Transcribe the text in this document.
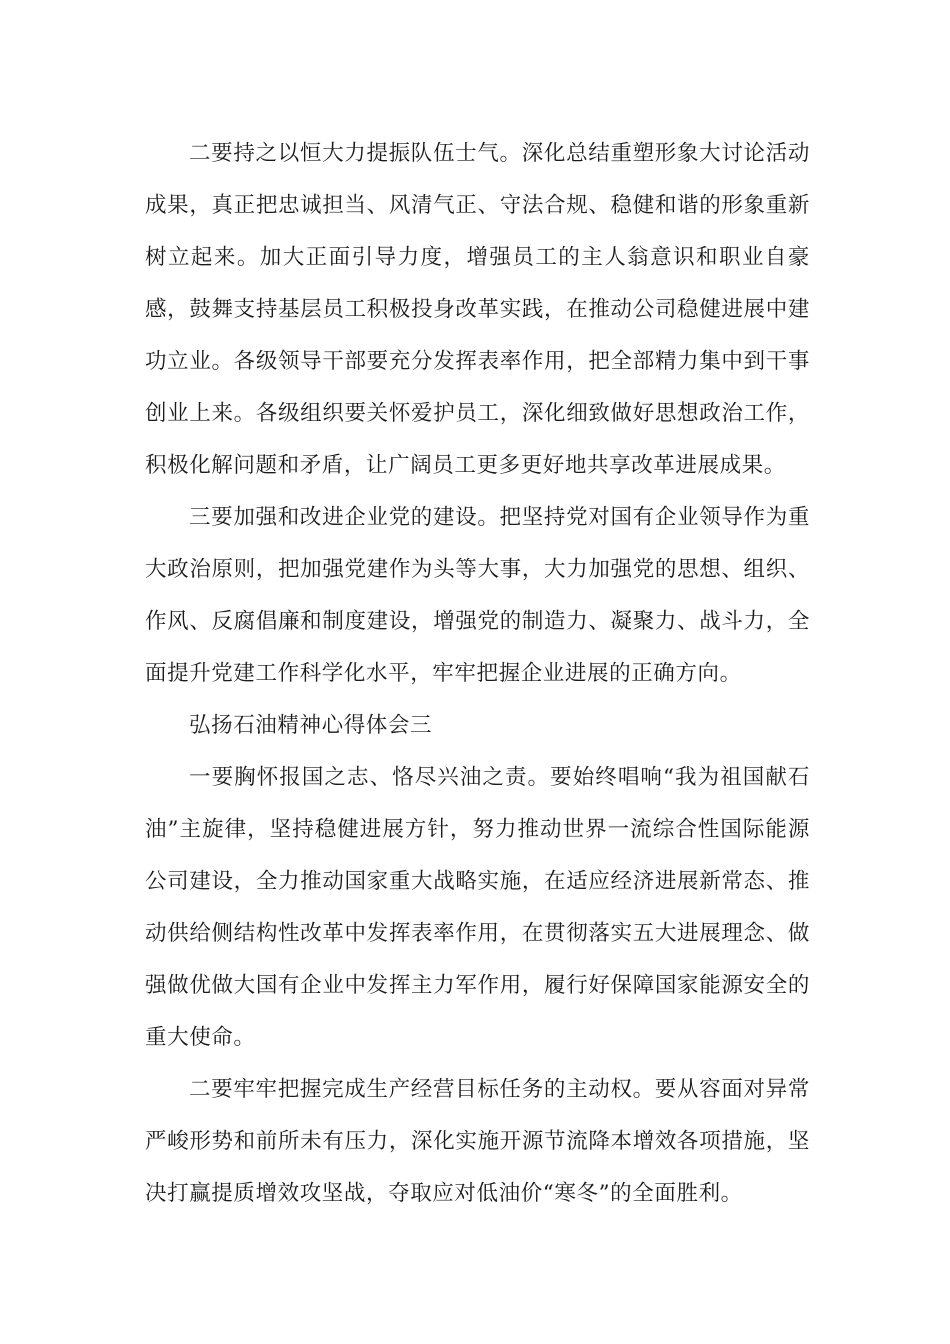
二要持之以恒大力提振队伍士气。深化总结重塑形象大讨论活动成果，真正把忠诚担当、风清气正、守法合规、稳健和谐的形象重新树立起来。加大正面引导力度，增强员工的主人翁意识和职业自豪感，鼓舞支持基层员工积极投身改革实践，在推动公司稳健进展中建功立业。各级领导干部要充分发挥表率作用，把全部精力集中到干事创业上来。各级组织要关怀爱护员工，深化细致做好思想政治工作，积极化解问题和矛盾，让广阔员工更多更好地共享改革进展成果。

三要加强和改进企业党的建设。把坚持党对国有企业领导作为重大政治原则，把加强党建作为头等大事，大力加强党的思想、组织、作风、反腐倡廉和制度建设，增强党的制造力、凝聚力、战斗力，全面提升党建工作科学化水平，牢牢把握企业进展的正确方向。

弘扬石油精神心得体会三

一要胸怀报国之志、恪尽兴油之责。要始终唱响“我为祖国献石油”主旋律，坚持稳健进展方针，努力推动世界一流综合性国际能源公司建设，全力推动国家重大战略实施，在适应经济进展新常态、推动供给侧结构性改革中发挥表率作用，在贯彻落实五大进展理念、做强做优做大国有企业中发挥主力军作用，履行好保障国家能源安全的重大使命。

二要牢牢把握完成生产经营目标任务的主动权。要从容面对异常严峻形势和前所未有压力，深化实施开源节流降本增效各项措施，坚决打赢提质增效攻坚战，夺取应对低油价“寒冬”的全面胜利。
